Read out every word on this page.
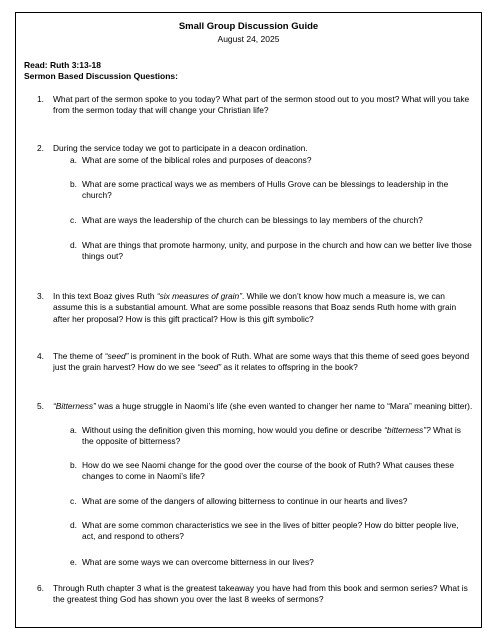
Small Group Discussion Guide
August 24, 2025
Read: Ruth 3:13-18
Sermon Based Discussion Questions:
1. What part of the sermon spoke to you today? What part of the sermon stood out to you most? What will you take from the sermon today that will change your Christian life?
2. During the service today we got to participate in a deacon ordination.
a. What are some of the biblical roles and purposes of deacons?
b. What are some practical ways we as members of Hulls Grove can be blessings to leadership in the church?
c. What are ways the leadership of the church can be blessings to lay members of the church?
d. What are things that promote harmony, unity, and purpose in the church and how can we better live those things out?
3. In this text Boaz gives Ruth “six measures of grain”. While we don’t know how much a measure is, we can assume this is a substantial amount. What are some possible reasons that Boaz sends Ruth home with grain after her proposal? How is this gift practical? How is this gift symbolic?
4. The theme of “seed” is prominent in the book of Ruth. What are some ways that this theme of seed goes beyond just the grain harvest? How do we see “seed” as it relates to offspring in the book?
5. “Bitterness” was a huge struggle in Naomi’s life (she even wanted to changer her name to “Mara” meaning bitter).
a. Without using the definition given this morning, how would you define or describe “bitterness”? What is the opposite of bitterness?
b. How do we see Naomi change for the good over the course of the book of Ruth? What causes these changes to come in Naomi’s life?
c. What are some of the dangers of allowing bitterness to continue in our hearts and lives?
d. What are some common characteristics we see in the lives of bitter people? How do bitter people live, act, and respond to others?
e. What are some ways we can overcome bitterness in our lives?
6. Through Ruth chapter 3 what is the greatest takeaway you have had from this book and sermon series? What is the greatest thing God has shown you over the last 8 weeks of sermons?
